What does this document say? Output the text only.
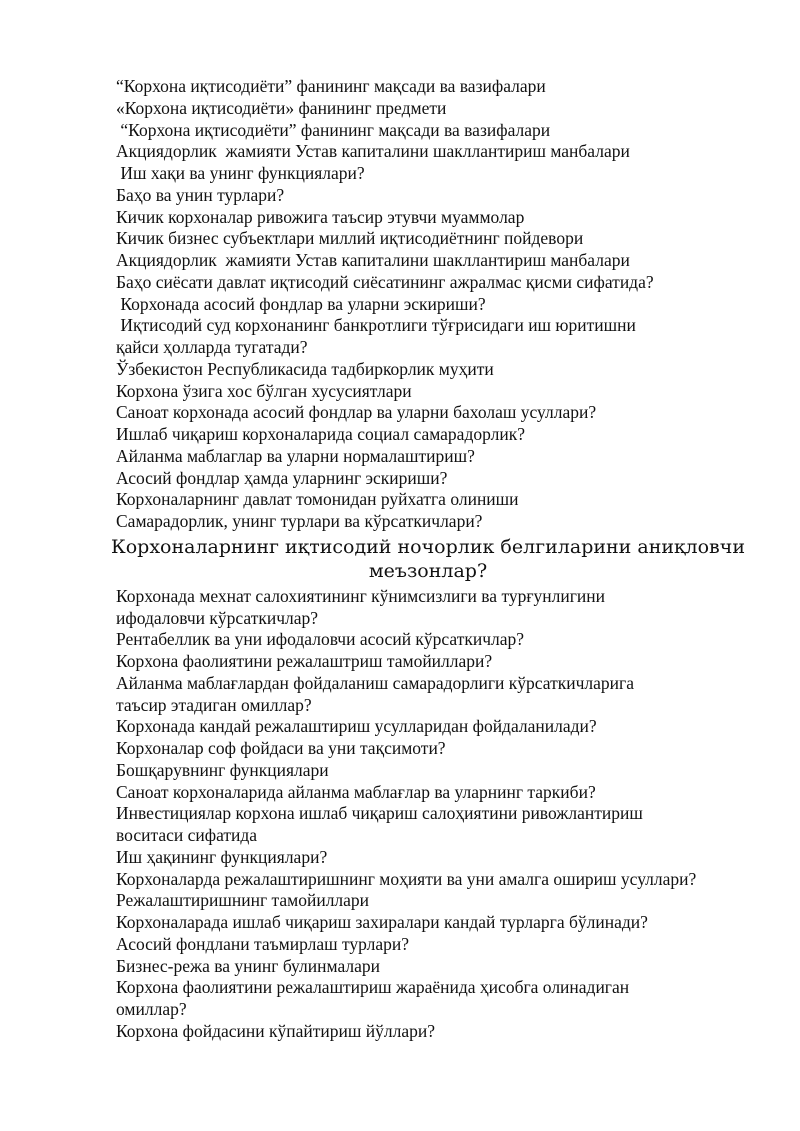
“Корхона иқтисодиёти” фанининг мақсади ва вазифалари
«Корхона иқтисодиёти» фанининг предмети
“Корхона иқтисодиёти” фанининг мақсади ва вазифалари
Акциядорлик  жамияти Устав капиталини шакллантириш манбалари
Иш хақи ва унинг функциялари?
Баҳо ва унин турлари?
Кичик корхоналар ривожига таъсир этувчи муаммолар
Кичик бизнес субъектлари миллий иқтисодиётнинг пойдевори
Акциядорлик  жамияти Устав капиталини шакллантириш манбалари
Баҳо сиёсати давлат иқтисодий сиёсатининг ажралмас қисми сифатида?
Корхонада асосий фондлар ва уларни эскириши?
Иқтисодий суд корхонанинг банкротлиги тўғрисидаги иш юритишни
қайси ҳолларда тугатади?
Ўзбекистон Республикасида тадбиркорлик муҳити
Корхона ўзига хос бўлган хусусиятлари
Саноат корхонада асосий фондлар ва уларни бахолаш усуллари?
Ишлаб чиқариш корхоналарида социал самарадорлик?
Айланма маблаглар ва уларни нормалаштириш?
Асосий фондлар ҳамда уларнинг эскириши?
Корхоналарнинг давлат томонидан руйхатга олиниши
Самарадорлик, унинг турлари ва кўрсаткичлари?
Корхоналарнинг иқтисодий ночорлик белгиларини аниқловчи
меъзонлар?
Корхонада мехнат салохиятининг кўнимсизлиги ва турғунлигини
ифодаловчи кўрсаткичлар?
Рентабеллик ва уни ифодаловчи асосий кўрсаткичлар?
Корхона фаолиятини режалаштриш тамойиллари?
Айланма маблағлардан фойдаланиш самарадорлиги кўрсаткичларига
таъсир этадиган омиллар?
Корхонада кандай режалаштириш усулларидан фойдаланилади?
Корхоналар соф фойдаси ва уни тақсимоти?
Бошқарувнинг функциялари
Саноат корхоналарида айланма маблағлар ва уларнинг таркиби?
Инвестициялар корхона ишлаб чиқариш салоҳиятини ривожлантириш
воситаси сифатида
Иш ҳақининг функциялари?
Корхоналарда режалаштиришнинг моҳияти ва уни амалга ошириш усуллари?
Режалаштиришнинг тамойиллари
Корхоналарада ишлаб чиқариш захиралари кандай турларга бўлинади?
Асосий фондлани таъмирлаш турлари?
Бизнес-режа ва унинг булинмалари
Корхона фаолиятини режалаштириш жараёнида ҳисобга олинадиган
омиллар?
Корхона фойдасини кўпайтириш йўллари?
